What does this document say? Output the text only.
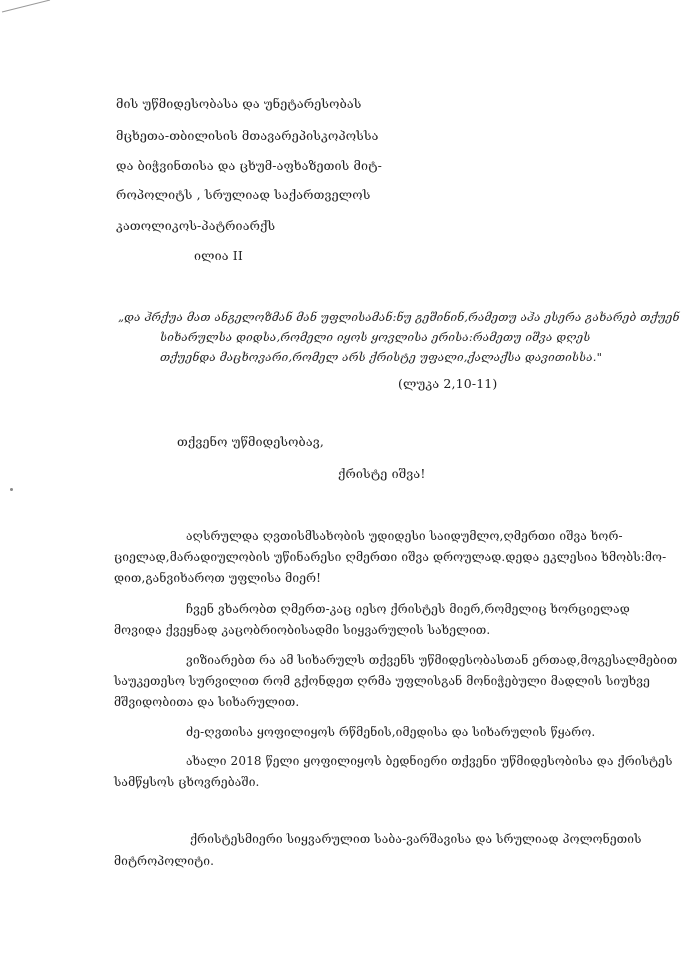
მის უწმიდესობასა და უნეტარესობას
მცხეთა-თბილისის მთავარეპისკოპოსსა
და ბიჭვინთისა და ცხუმ-აფხაზეთის მიტ-
როპოლიტს , სრულიად საქართველოს
კათოლიკოს-პატრიარქს
ილია II
„და ჰრქუა მათ ანგელოზმან მან უფლისამან:ნუ გეშინინ,რამეთუ აჰა ესერა გახარებ თქუენ
სიხარულსა დიდსა,რომელი იყოს ყოვლისა ერისა:რამეთუ იშვა დღეს
თქუენდა მაცხოვარი,რომელ არს ქრისტე უფალი,ქალაქსა დავითისსა."
(ლუკა 2,10-11)
თქვენო უწმიდესობავ,
ქრისტე იშვა!
აღსრულდა ღვთისმსახობის უდიდესი საიდუმლო,ღმერთი იშვა ხორ-
ციელად,მარადიულობის უწინარესი ღმერთი იშვა დროულად.დედა ეკლესია ხმობს:მო-
დით,განვიხაროთ უფლისა მიერ!
ჩვენ ვხარობთ ღმერთ-კაც იესო ქრისტეს მიერ,რომელიც ხორციელად
მოვიდა ქვეყნად კაცობრიობისადმი სიყვარულის სახელით.
ვიზიარებთ რა ამ სიხარულს თქვენს უწმიდესობასთან ერთად,მოგესალმებით
საუკეთესო სურვილით რომ გქონდეთ ღრმა უფლისგან მონიჭებული მადლის სიუხვე
მშვიდობითა და სიხარულით.
ძე-ღვთისა ყოფილიყოს რწმენის,იმედისა და სიხარულის წყარო.
ახალი 2018 წელი ყოფილიყოს ბედნიერი თქვენი უწმიდესობისა და ქრისტეს
სამწყსოს ცხოვრებაში.
ქრისტესმიერი სიყვარულით საბა-ვარშავისა და სრულიად პოლონეთის
მიტროპოლიტი.
